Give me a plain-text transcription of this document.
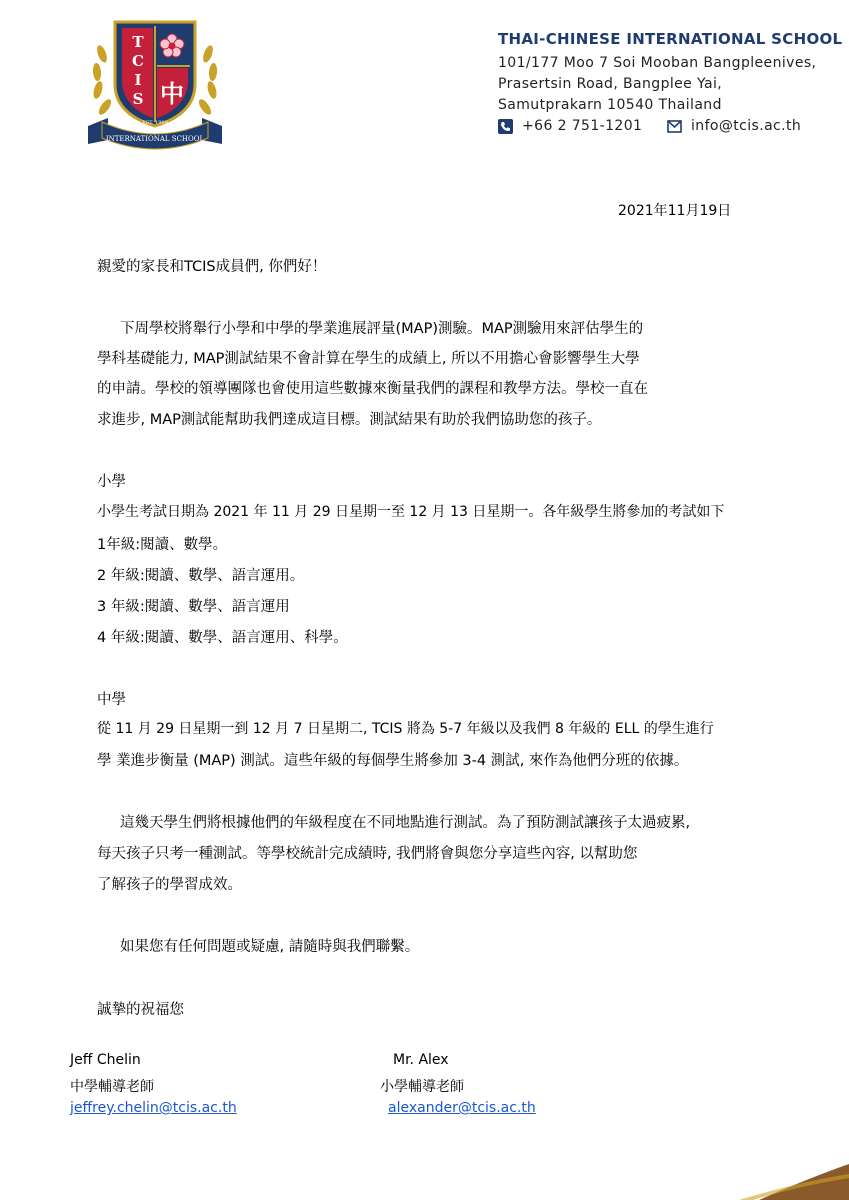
T
C
I
S 中
EST. 1999
INTERNATIONAL SCHOOL
THAI-CHINESE INTERNATIONAL SCHOOL
101/177 Moo 7 Soi Mooban Bangpleenives,
Prasertsin Road, Bangplee Yai,
Samutprakarn 10540 Thailand
+66 2 751-1201	info@tcis.ac.th
2021年11月19日
親愛的家長和TCIS成員們, 你們好！
下周學校將舉行小學和中學的學業進展評量(MAP)測驗。MAP測驗用來評估學生的
學科基礎能力, MAP測試結果不會計算在學生的成績上, 所以不用擔心會影響學生大學
的申請。學校的領導團隊也會使用這些數據來衡量我們的課程和教學方法。學校一直在
求進步, MAP測試能幫助我們達成這目標。測試結果有助於我們協助您的孩子。
小學
小學生考試日期為 2021 年 11 月 29 日星期一至 12 月 13 日星期一。各年級學生將參加的考試如下
1年級:閱讀、數學。
2 年級:閱讀、數學、語言運用。
3 年級:閱讀、數學、語言運用
4 年級:閱讀、數學、語言運用、科學。
中學
從 11 月 29 日星期一到 12 月 7 日星期二, TCIS 將為 5-7 年級以及我們 8 年級的 ELL 的學生進行
學 業進步衡量 (MAP) 測試。這些年級的每個學生將參加 3-4 測試, 來作為他們分班的依據。
這幾天學生們將根據他們的年級程度在不同地點進行測試。為了預防測試讓孩子太過疲累,
每天孩子只考一種測試。等學校統計完成績時, 我們將會與您分享這些內容, 以幫助您
了解孩子的學習成效。
如果您有任何問題或疑慮, 請隨時與我們聯繫。
誠摯的祝福您
Jeff Chelin
中學輔導老師
jeffrey.chelin@tcis.ac.th
Mr. Alex
小學輔導老師
alexander@tcis.ac.th
